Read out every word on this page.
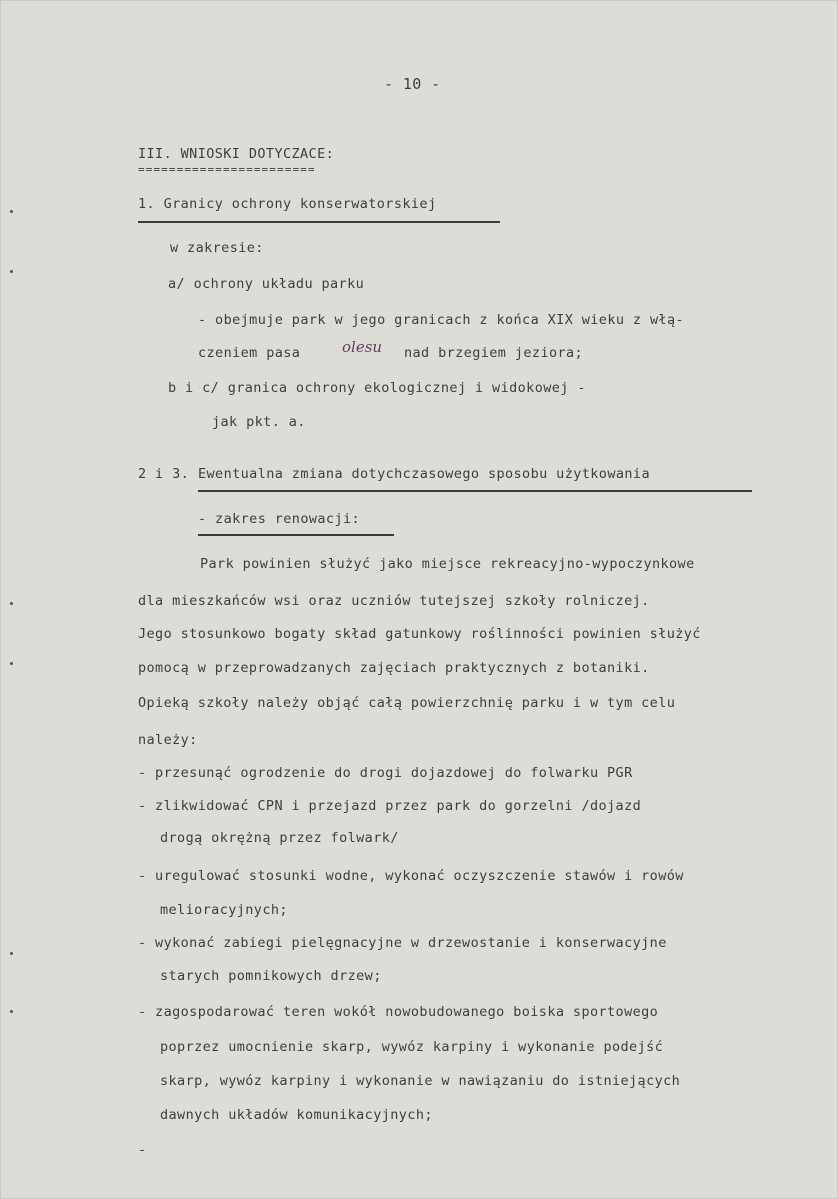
- 10 -
III. WNIOSKI DOTYCZACE:
=======================
1. Granicy ochrony konserwatorskiej
w zakresie:
a/ ochrony układu parku
- obejmuje park w jego granicach z końca XIX wieku z włą-
czeniem pasa	olesu nad brzegiem jeziora;
b i c/ granica ochrony ekologicznej i widokowej -
jak pkt. a.
2 i 3. Ewentualna zmiana dotychczasowego sposobu użytkowania
- zakres renowacji:
Park powinien służyć jako miejsce rekreacyjno-wypoczynkowe
dla mieszkańców wsi oraz uczniów tutejszej szkoły rolniczej.
Jego stosunkowo bogaty skład gatunkowy roślinności powinien służyć
pomocą w przeprowadzanych zajęciach praktycznych z botaniki.
Opieką szkoły należy objąć całą powierzchnię parku i w tym celu
należy:
- przesunąć ogrodzenie do drogi dojazdowej do folwarku PGR
- zlikwidować CPN i przejazd przez park do gorzelni /dojazd
drogą okrężną przez folwark/
- uregulować stosunki wodne, wykonać oczyszczenie stawów i rowów
melioracyjnych;
- wykonać zabiegi pielęgnacyjne w drzewostanie i konserwacyjne
starych pomnikowych drzew;
- zagospodarować teren wokół nowobudowanego boiska sportowego
poprzez umocnienie skarp, wywóz karpiny i wykonanie podejść
skarp, wywóz karpiny i wykonanie w nawiązaniu do istniejących
dawnych układów komunikacyjnych;
-
